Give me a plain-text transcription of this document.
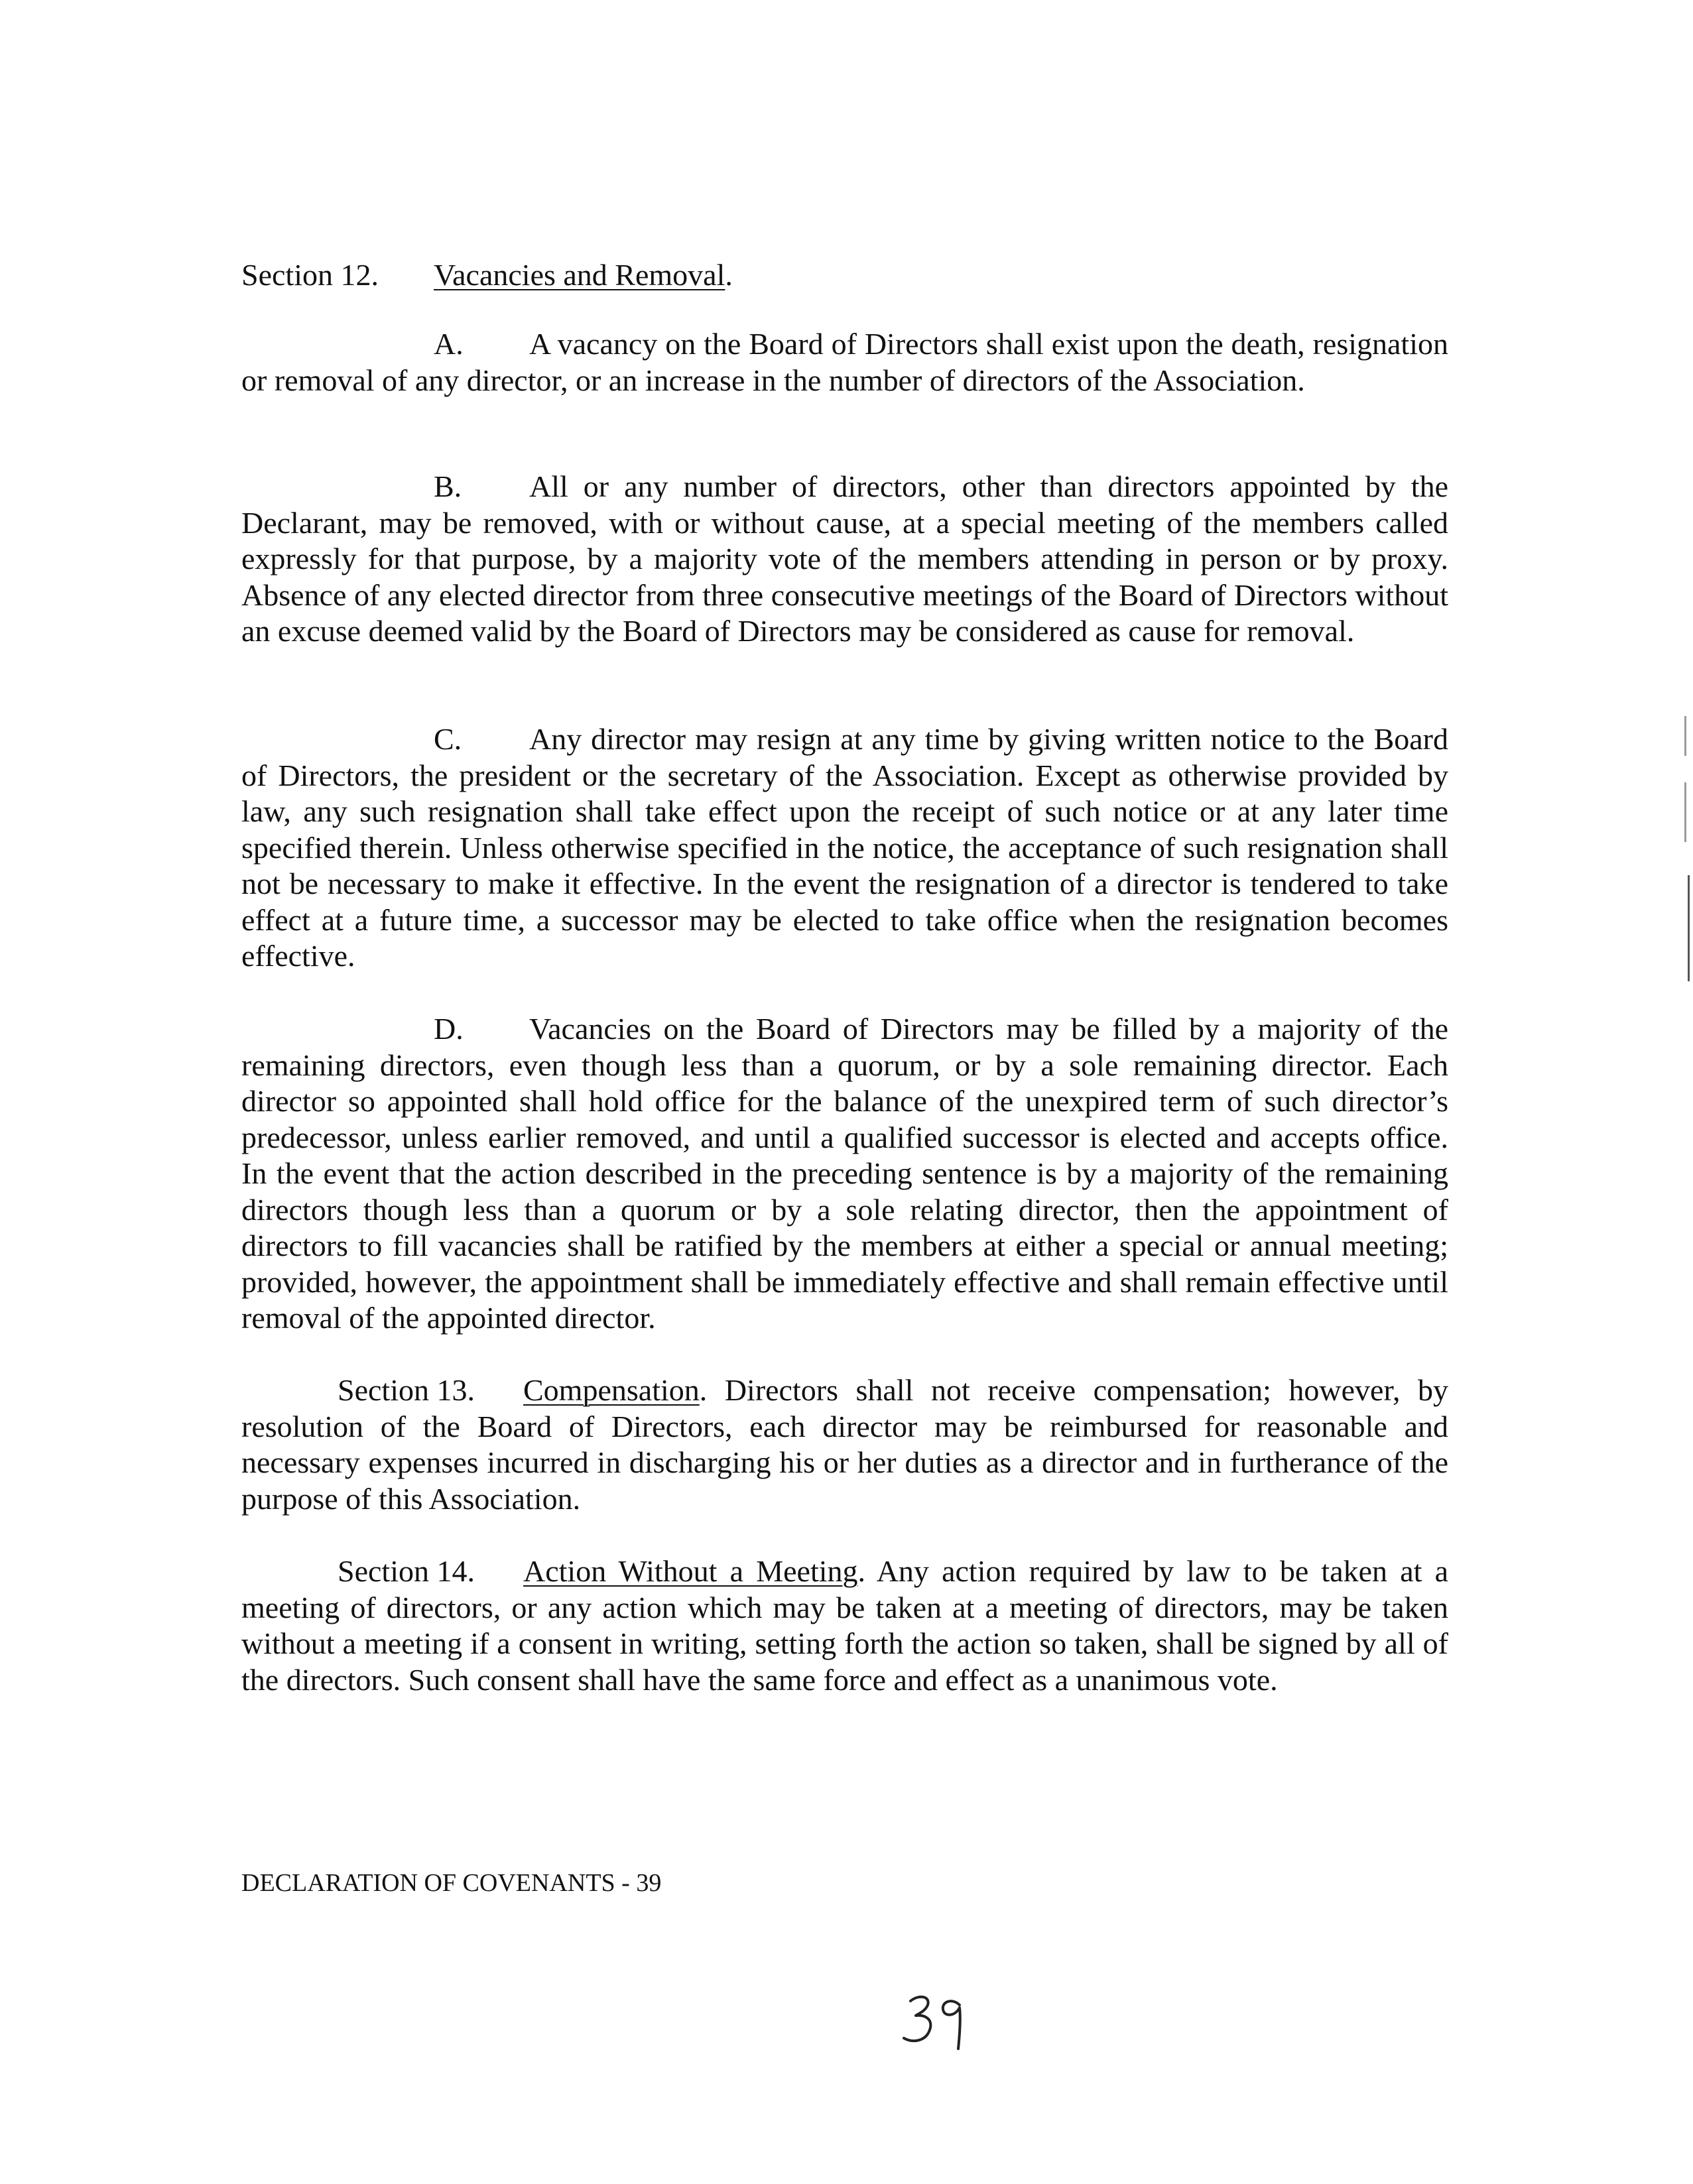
Section 12. Vacancies and Removal.

A. A vacancy on the Board of Directors shall exist upon the death, resignation or removal of any director, or an increase in the number of directors of the Association.

B. All or any number of directors, other than directors appointed by the Declarant, may be removed, with or without cause, at a special meeting of the members called expressly for that purpose, by a majority vote of the members attending in person or by proxy. Absence of any elected director from three consecutive meetings of the Board of Directors without an excuse deemed valid by the Board of Directors may be considered as cause for removal.

C. Any director may resign at any time by giving written notice to the Board of Directors, the president or the secretary of the Association. Except as otherwise provided by law, any such resignation shall take effect upon the receipt of such notice or at any later time specified therein. Unless otherwise specified in the notice, the acceptance of such resignation shall not be necessary to make it effective. In the event the resignation of a director is tendered to take effect at a future time, a successor may be elected to take office when the resignation becomes effective.

D. Vacancies on the Board of Directors may be filled by a majority of the remaining directors, even though less than a quorum, or by a sole remaining director. Each director so appointed shall hold office for the balance of the unexpired term of such director’s predecessor, unless earlier removed, and until a qualified successor is elected and accepts office. In the event that the action described in the preceding sentence is by a majority of the remaining directors though less than a quorum or by a sole relating director, then the appointment of directors to fill vacancies shall be ratified by the members at either a special or annual meeting; provided, however, the appointment shall be immediately effective and shall remain effective until removal of the appointed director.

Section 13. Compensation. Directors shall not receive compensation; however, by resolution of the Board of Directors, each director may be reimbursed for reasonable and necessary expenses incurred in discharging his or her duties as a director and in furtherance of the purpose of this Association.

Section 14. Action Without a Meeting. Any action required by law to be taken at a meeting of directors, or any action which may be taken at a meeting of directors, may be taken without a meeting if a consent in writing, setting forth the action so taken, shall be signed by all of the directors. Such consent shall have the same force and effect as a unanimous vote.

DECLARATION OF COVENANTS - 39
